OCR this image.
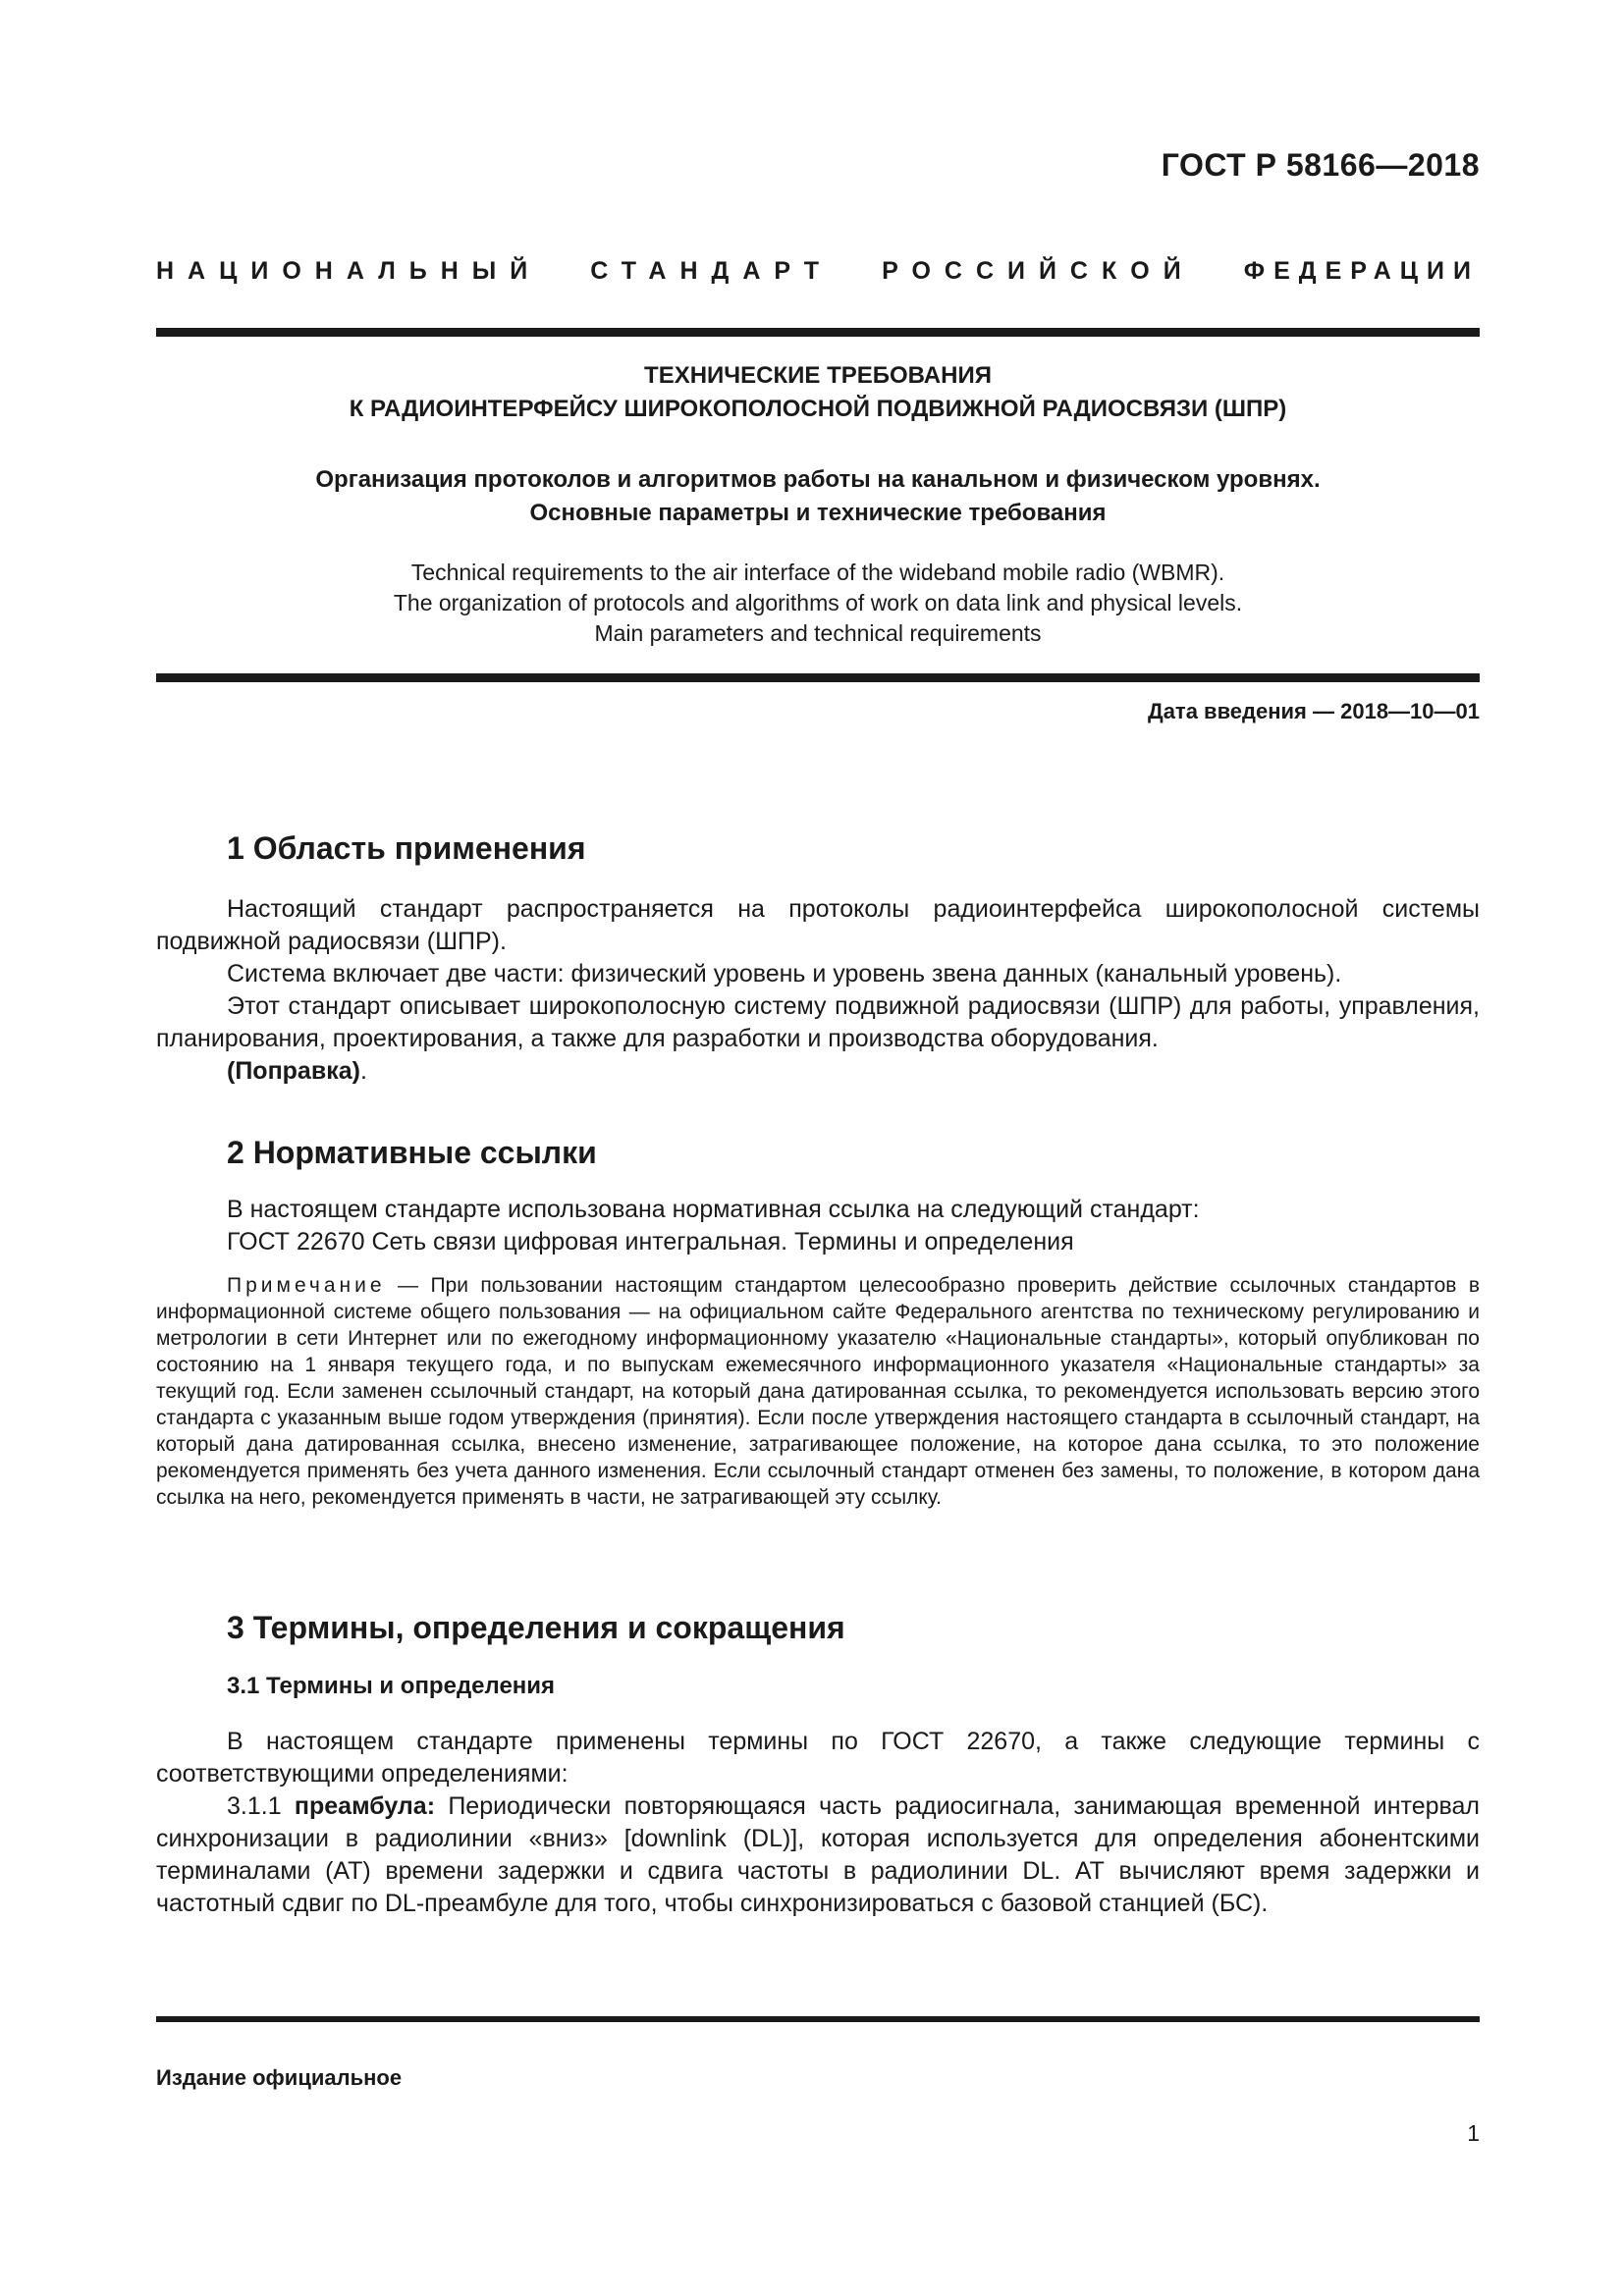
ГОСТ Р 58166—2018
НАЦИОНАЛЬНЫЙ СТАНДАРТ РОССИЙСКОЙ ФЕДЕРАЦИИ
ТЕХНИЧЕСКИЕ ТРЕБОВАНИЯ
К РАДИОИНТЕРФЕЙСУ ШИРОКОПОЛОСНОЙ ПОДВИЖНОЙ РАДИОСВЯЗИ (ШПР)
Организация протоколов и алгоритмов работы на канальном и физическом уровнях.
Основные параметры и технические требования
Technical requirements to the air interface of the wideband mobile radio (WBMR).
The organization of protocols and algorithms of work on data link and physical levels.
Main parameters and technical requirements
Дата введения — 2018—10—01
1 Область применения

Настоящий стандарт распространяется на протоколы радиоинтерфейса широкополосной системы подвижной радиосвязи (ШПР).

Система включает две части: физический уровень и уровень звена данных (канальный уровень).

Этот стандарт описывает широкополосную систему подвижной радиосвязи (ШПР) для работы, управления, планирования, проектирования, а также для разработки и производства оборудования.

(Поправка).

2 Нормативные ссылки

В настоящем стандарте использована нормативная ссылка на следующий стандарт:

ГОСТ 22670 Сеть связи цифровая интегральная. Термины и определения

Примечание — При пользовании настоящим стандартом целесообразно проверить действие ссылочных стандартов в информационной системе общего пользования — на официальном сайте Федерального агентства по техническому регулированию и метрологии в сети Интернет или по ежегодному информационному указателю «Национальные стандарты», который опубликован по состоянию на 1 января текущего года, и по выпускам ежемесячного информационного указателя «Национальные стандарты» за текущий год. Если заменен ссылочный стандарт, на который дана датированная ссылка, то рекомендуется использовать версию этого стандарта с указанным выше годом утверждения (принятия). Если после утверждения настоящего стандарта в ссылочный стандарт, на который дана датированная ссылка, внесено изменение, затрагивающее положение, на которое дана ссылка, то это положение рекомендуется применять без учета данного изменения. Если ссылочный стандарт отменен без замены, то положение, в котором дана ссылка на него, рекомендуется применять в части, не затрагивающей эту ссылку.

3 Термины, определения и сокращения
3.1 Термины и определения

В настоящем стандарте применены термины по ГОСТ 22670, а также следующие термины с соответствующими определениями:

3.1.1 преамбула: Периодически повторяющаяся часть радиосигнала, занимающая временной интервал синхронизации в радиолинии «вниз» [downlink (DL)], которая используется для определения абонентскими терминалами (АТ) времени задержки и сдвига частоты в радиолинии DL. АТ вычисляют время задержки и частотный сдвиг по DL-преамбуле для того, чтобы синхронизироваться с базовой станцией (БС).

Издание официальное
1
